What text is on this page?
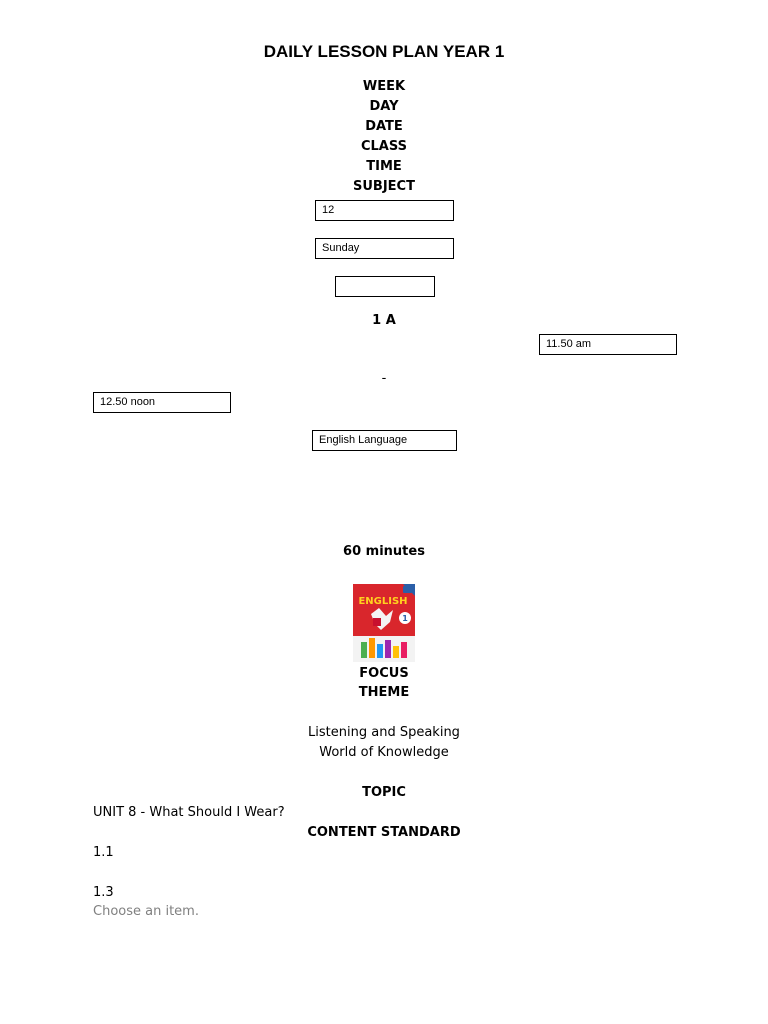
DAILY LESSON PLAN YEAR 1
WEEK
DAY
DATE
CLASS
TIME
SUBJECT
12
Sunday
1 A
11.50 am
-
12.50 noon
English Language
60 minutes
ENGLISH
1
FOCUS
THEME
Listening and Speaking
World of Knowledge
TOPIC
UNIT 8 - What Should I Wear?
CONTENT STANDARD
1.1
1.3
Choose an item.
